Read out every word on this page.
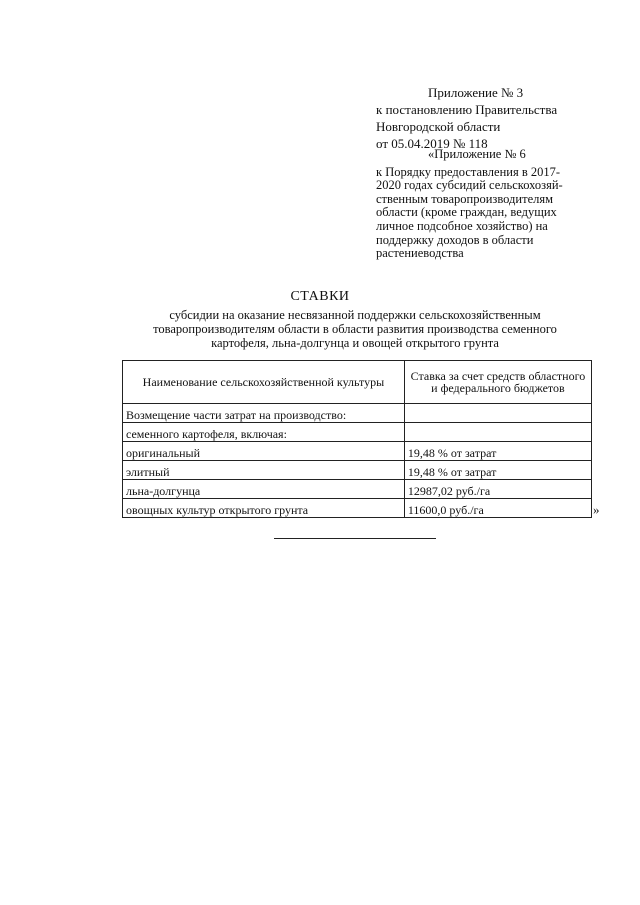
Приложение № 3
к постановлению Правительства
Новгородской области
от 05.04.2019 № 118
«Приложение № 6
к Порядку предоставления в 2017-
2020 годах субсидий сельскохозяй-
ственным товаропроизводителям
области (кроме граждан, ведущих
личное подсобное хозяйство) на
поддержку доходов в области
растениеводства
СТАВКИ
субсидии на оказание несвязанной поддержки сельскохозяйственным
товаропроизводителям области в области развития производства семенного
картофеля, льна-долгунца и овощей открытого грунта
Наименование сельскохозяйственной культуры	Ставка за счет средств областного и федерального бюджетов
Возмещение части затрат на производство:	
семенного картофеля, включая:	
оригинальный	19,48 % от затрат
элитный	19,48 % от затрат
льна-долгунца	12987,02 руб./га
овощных культур открытого грунта	11600,0 руб./га	»
